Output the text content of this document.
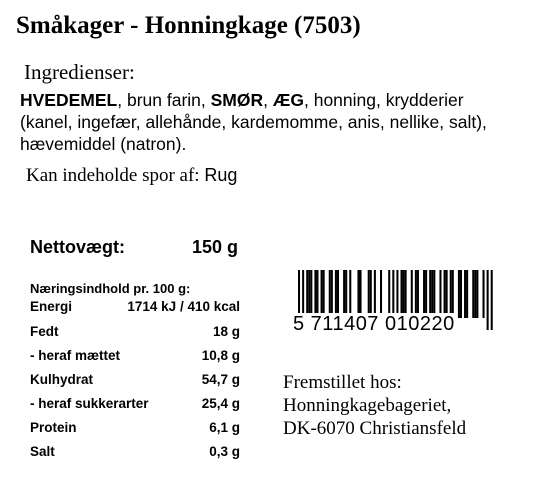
Småkager - Honningkage (7503)
Ingredienser:
HVEDEMEL, brun farin, SMØR, ÆG, honning, krydderier (kanel, ingefær, allehånde, kardemomme, anis, nellike, salt), hævemiddel (natron).
Kan indeholde spor af: Rug
Nettovægt:	150 g
Næringsindhold pr. 100 g:
Energi	1714 kJ / 410 kcal
Fedt	18 g
- heraf mættet	10,8 g
Kulhydrat	54,7 g
- heraf sukkerarter	25,4 g
Protein	6,1 g
Salt	0,3 g
5 711407 010220
Fremstillet hos:
Honningkagebageriet,
DK-6070 Christiansfeld
